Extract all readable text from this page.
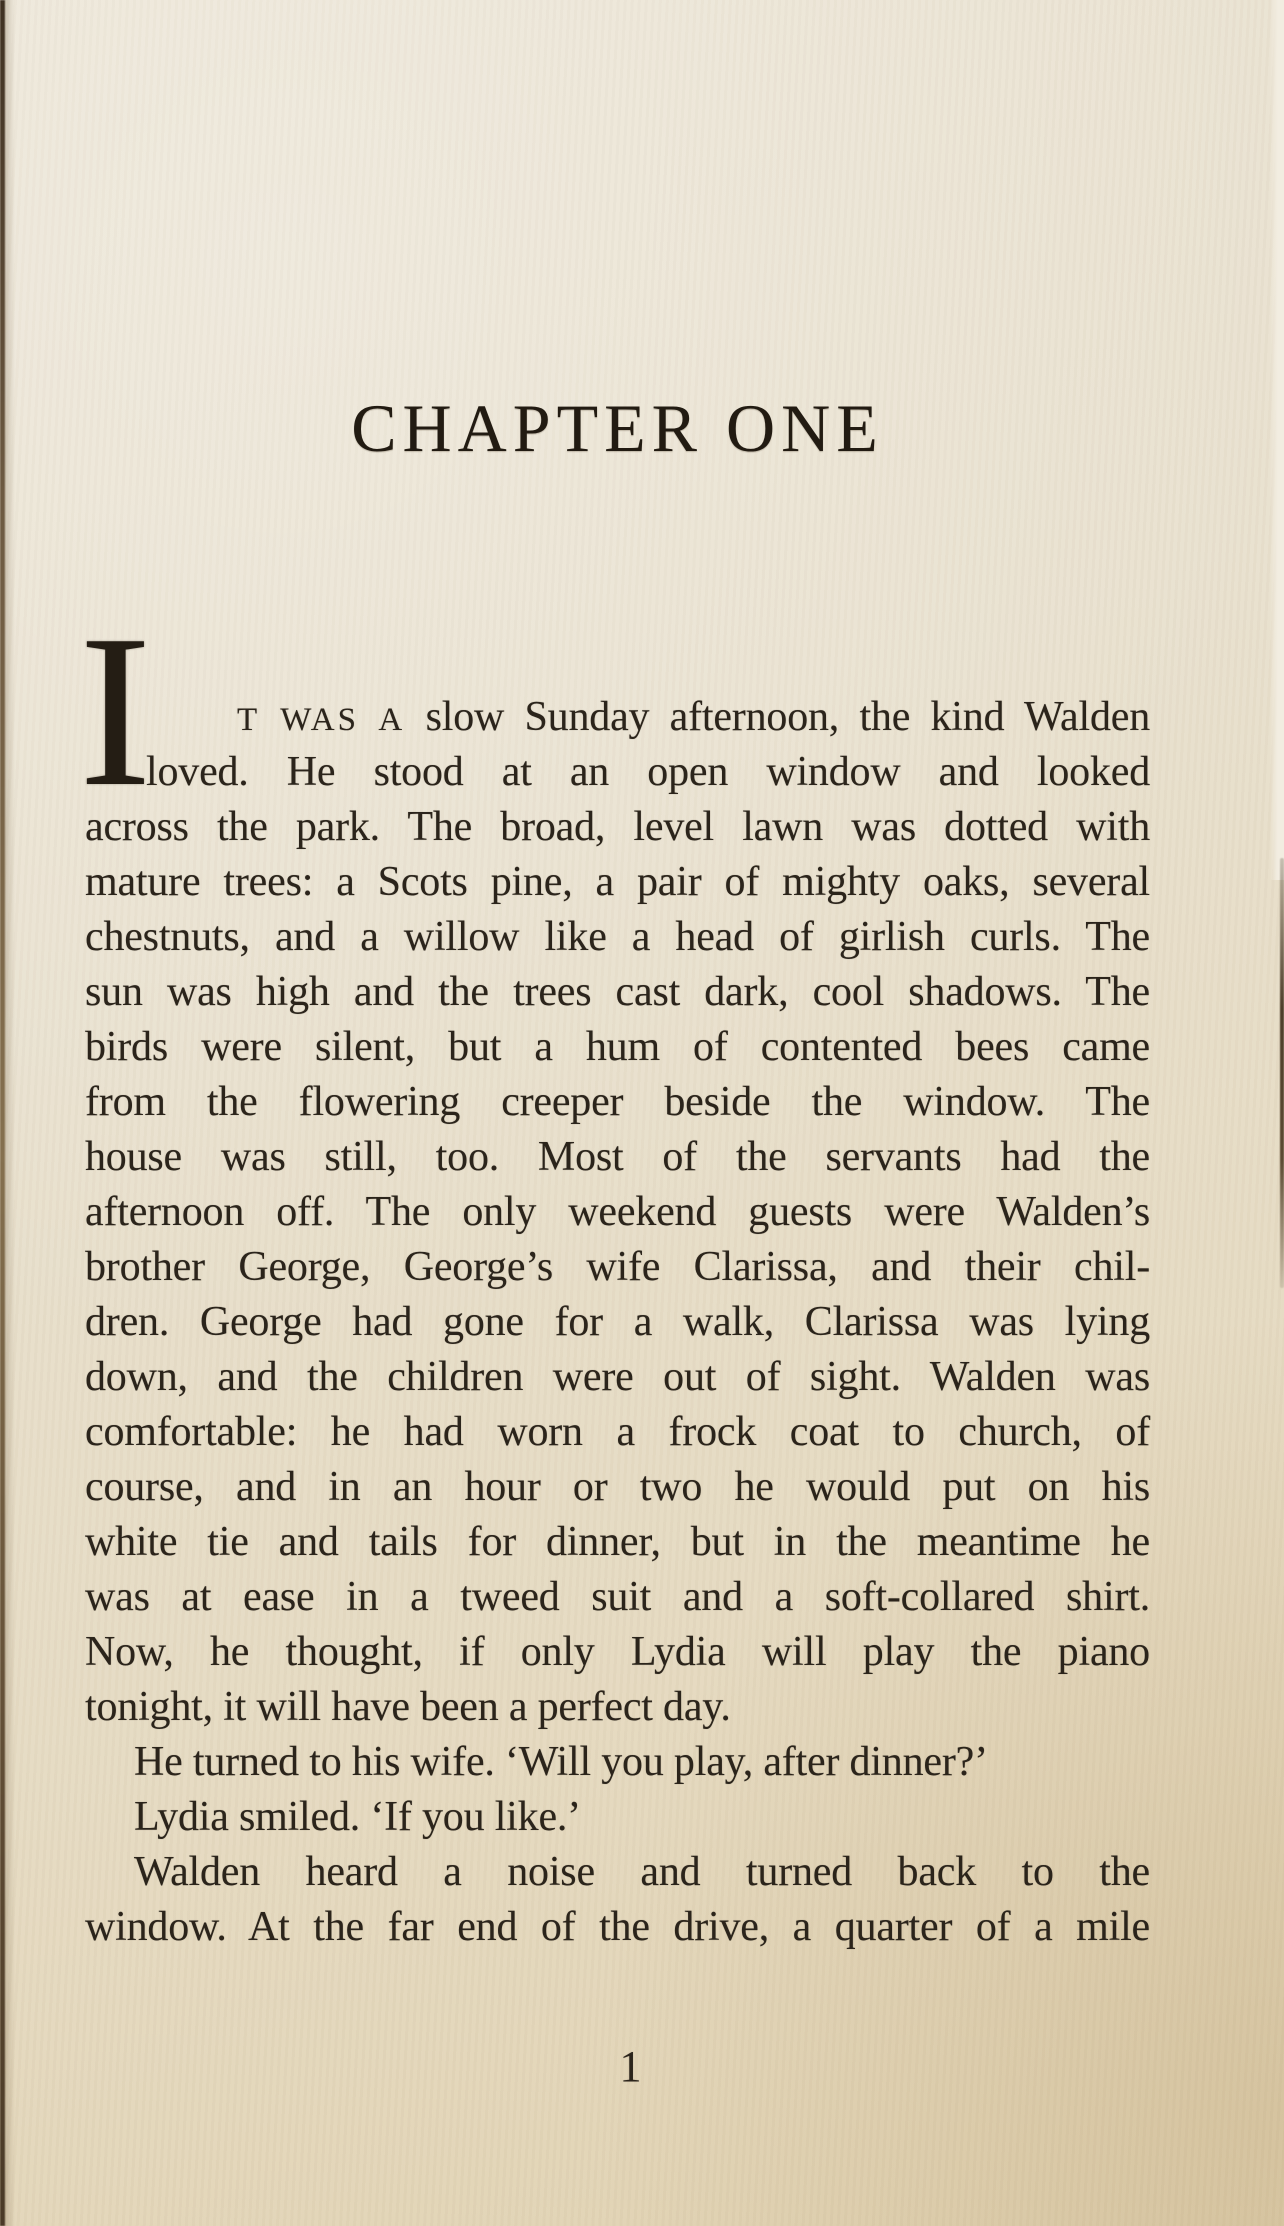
CHAPTER ONE
I	T WAS A slow Sunday afternoon, the kind Walden
loved. He stood at an open window and looked
across the park. The broad, level lawn was dotted with
mature trees: a Scots pine, a pair of mighty oaks, several
chestnuts, and a willow like a head of girlish curls. The
sun was high and the trees cast dark, cool shadows. The
birds were silent, but a hum of contented bees came
from the flowering creeper beside the window. The
house was still, too. Most of the servants had the
afternoon off. The only weekend guests were Walden’s
brother George, George’s wife Clarissa, and their chil-
dren. George had gone for a walk, Clarissa was lying
down, and the children were out of sight. Walden was
comfortable: he had worn a frock coat to church, of
course, and in an hour or two he would put on his
white tie and tails for dinner, but in the meantime he
was at ease in a tweed suit and a soft-collared shirt.
Now, he thought, if only Lydia will play the piano
tonight, it will have been a perfect day.
He turned to his wife. ‘Will you play, after dinner?’
Lydia smiled. ‘If you like.’
Walden heard a noise and turned back to the
window. At the far end of the drive, a quarter of a mile
1
